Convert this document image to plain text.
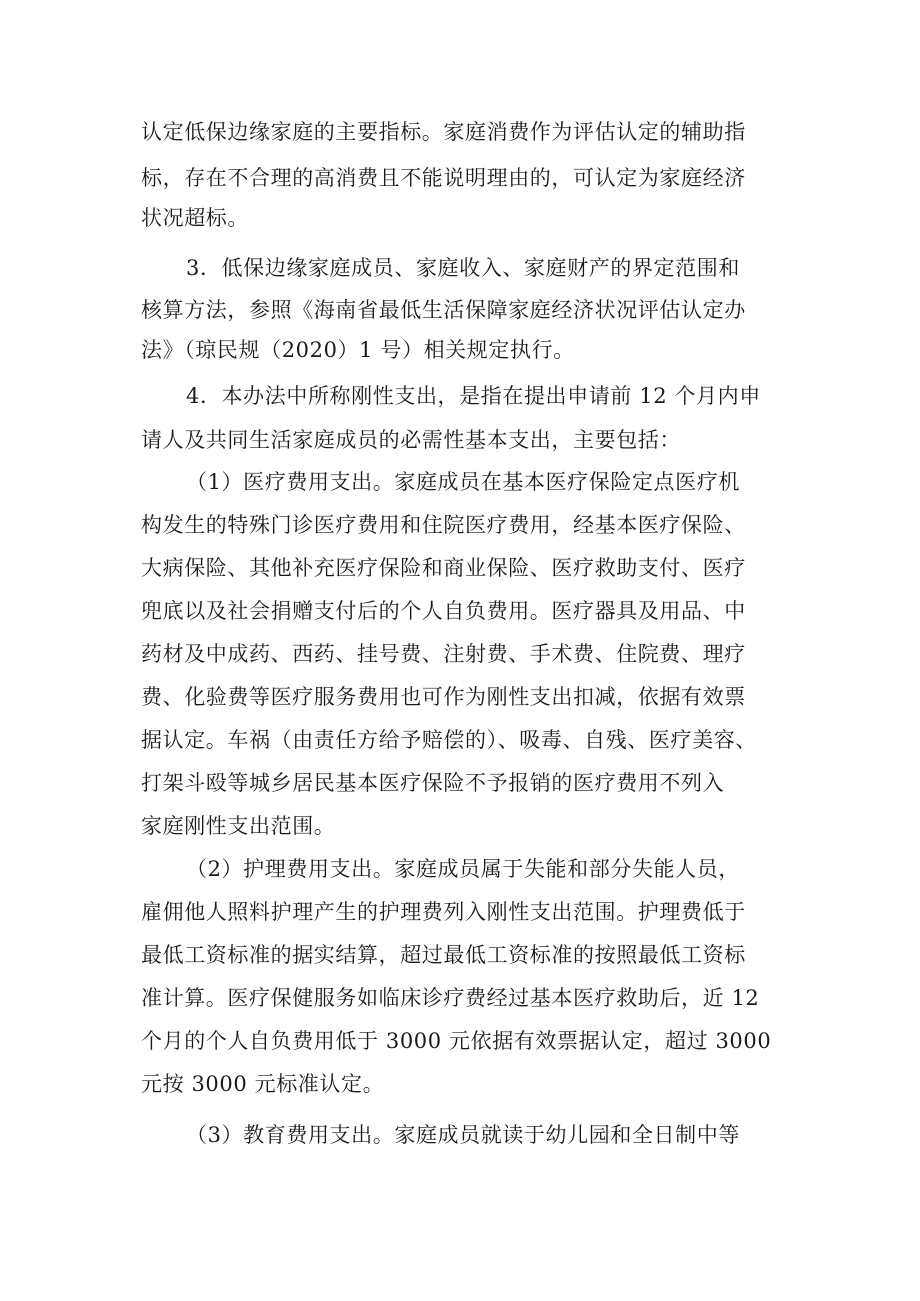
认定低保边缘家庭的主要指标。家庭消费作为评估认定的辅助指
标，存在不合理的高消费且不能说明理由的，可认定为家庭经济
状况超标。
3．低保边缘家庭成员、家庭收入、家庭财产的界定范围和
核算方法，参照《海南省最低生活保障家庭经济状况评估认定办
法》（琼民规（2020）1 号）相关规定执行。
4．本办法中所称刚性支出，是指在提出申请前 12 个月内申
请人及共同生活家庭成员的必需性基本支出，主要包括：
（1）医疗费用支出。家庭成员在基本医疗保险定点医疗机
构发生的特殊门诊医疗费用和住院医疗费用，经基本医疗保险、
大病保险、其他补充医疗保险和商业保险、医疗救助支付、医疗
兜底以及社会捐赠支付后的个人自负费用。医疗器具及用品、中
药材及中成药、西药、挂号费、注射费、手术费、住院费、理疗
费、化验费等医疗服务费用也可作为刚性支出扣减，依据有效票
据认定。车祸（由责任方给予赔偿的）、吸毒、自残、医疗美容、
打架斗殴等城乡居民基本医疗保险不予报销的医疗费用不列入
家庭刚性支出范围。
（2）护理费用支出。家庭成员属于失能和部分失能人员，
雇佣他人照料护理产生的护理费列入刚性支出范围。护理费低于
最低工资标准的据实结算，超过最低工资标准的按照最低工资标
准计算。医疗保健服务如临床诊疗费经过基本医疗救助后，近 12
个月的个人自负费用低于 3000 元依据有效票据认定，超过 3000
元按 3000 元标准认定。
（3）教育费用支出。家庭成员就读于幼儿园和全日制中等
